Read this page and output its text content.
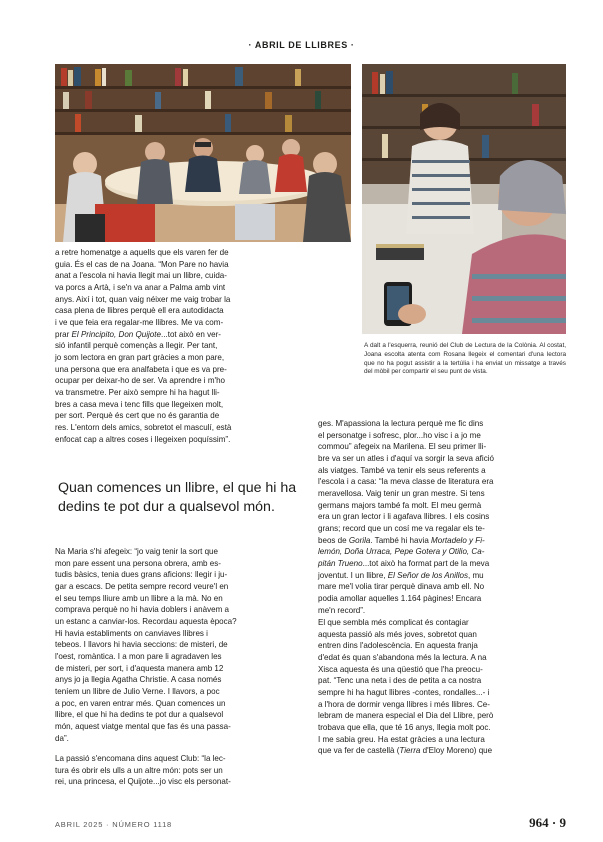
· ABRIL DE LLIBRES ·
A dalt a l'esquerra, reunió del Club de Lectura de la Colònia. Al costat, Joana escolta atenta com Rosana llegeix el comentari d'una lectora que no ha pogut assistir a la tertúlia i ha enviat un missatge a través del mòbil per compartir el seu punt de vista.
a retre homenatge a aquells que els varen fer de
guia. És el cas de na Joana. “Mon Pare no havia
anat a l'escola ni havia llegit mai un llibre, cuida-
va porcs a Artà, i se'n va anar a Palma amb vint
anys. Així i tot, quan vaig néixer me vaig trobar la
casa plena de llibres perquè ell era autodidacta
i ve que feia era regalar-me llibres. Me va com-
prar El Principito, Don Quijote...tot això en ver-
sió infantil perquè començàs a llegir. Per tant,
jo som lectora en gran part gràcies a mon pare,
una persona que era analfabeta i que es va pre-
ocupar per deixar-ho de ser. Va aprendre i m'ho
va transmetre. Per això sempre hi ha hagut lli-
bres a casa meva i tenc fills que llegeixen molt,
per sort. Perquè és cert que no és garantia de
res. L'entorn dels amics, sobretot el masculí, està
enfocat cap a altres coses i llegeixen poquíssim”.
Quan comences un llibre, el que hi ha dedins te pot dur a qualsevol món.
Na Maria s'hi afegeix: “jo vaig tenir la sort que
mon pare essent una persona obrera, amb es-
tudis bàsics, tenia dues grans aficions: llegir i ju-
gar a escacs. De petita sempre record veure'l en
el seu temps lliure amb un llibre a la mà. No en
comprava perquè no hi havia doblers i anàvem a
un estanc a canviar-los. Recordau aquesta època?
Hi havia establiments on canviaves llibres i
tebeos. I llavors hi havia seccions: de misteri, de
l'oest, romàntica. I a mon pare li agradaven les
de misteri, per sort, i d'aquesta manera amb 12
anys jo ja llegia Agatha Christie. A casa només
teníem un llibre de Julio Verne. I llavors, a poc
a poc, en varen entrar més. Quan comences un
llibre, el que hi ha dedins te pot dur a qualsevol
món, aquest viatge mental que fas és una passa-
da”.
La passió s'encomana dins aquest Club: “la lec-
tura és obrir els ulls a un altre món: pots ser un
rei, una princesa, el Quijote...jo visc els personat-
ges. M'apassiona la lectura perquè me fic dins
el personatge i sofresc, plor...ho visc i a jo me
commou” afegeix na Marilena. El seu primer lli-
bre va ser un atles i d'aquí va sorgir la seva afició
als viatges. També va tenir els seus referents a
l'escola i a casa: “la meva classe de literatura era
meravellosa. Vaig tenir un gran mestre. Si tens
germans majors també fa molt. El meu germà
era un gran lector i li agafava llibres. I els cosins
grans; record que un cosí me va regalar els te-
beos de Gorila. També hi havia Mortadelo y Fi-
lemón, Doña Urraca, Pepe Gotera y Otilio, Ca-
pitán Trueno...tot això ha format part de la meva
joventut. I un llibre, El Señor de los Anillos, mu
mare me'l volia tirar perquè dinava amb ell. No
podia amollar aquelles 1.164 pàgines! Encara
me'n record”.
El que sembla més complicat és contagiar
aquesta passió als més joves, sobretot quan
entren dins l'adolescència. En aquesta franja
d'edat és quan s'abandona més la lectura. A na
Xisca aquesta és una qüestió que l'ha preocu-
pat. “Tenc una neta i des de petita a ca nostra
sempre hi ha hagut llibres -contes, rondalles...- i
a l'hora de dormir venga llibres i més llibres. Ce-
lebram de manera especial el Dia del Llibre, però
trobava que ella, que té 16 anys, llegia molt poc.
I me sabia greu. Ha estat gràcies a una lectura
que va fer de castellà (Tierra d'Eloy Moreno) que
ABRIL 2025 · NÚMERO 1118	964 · 9
